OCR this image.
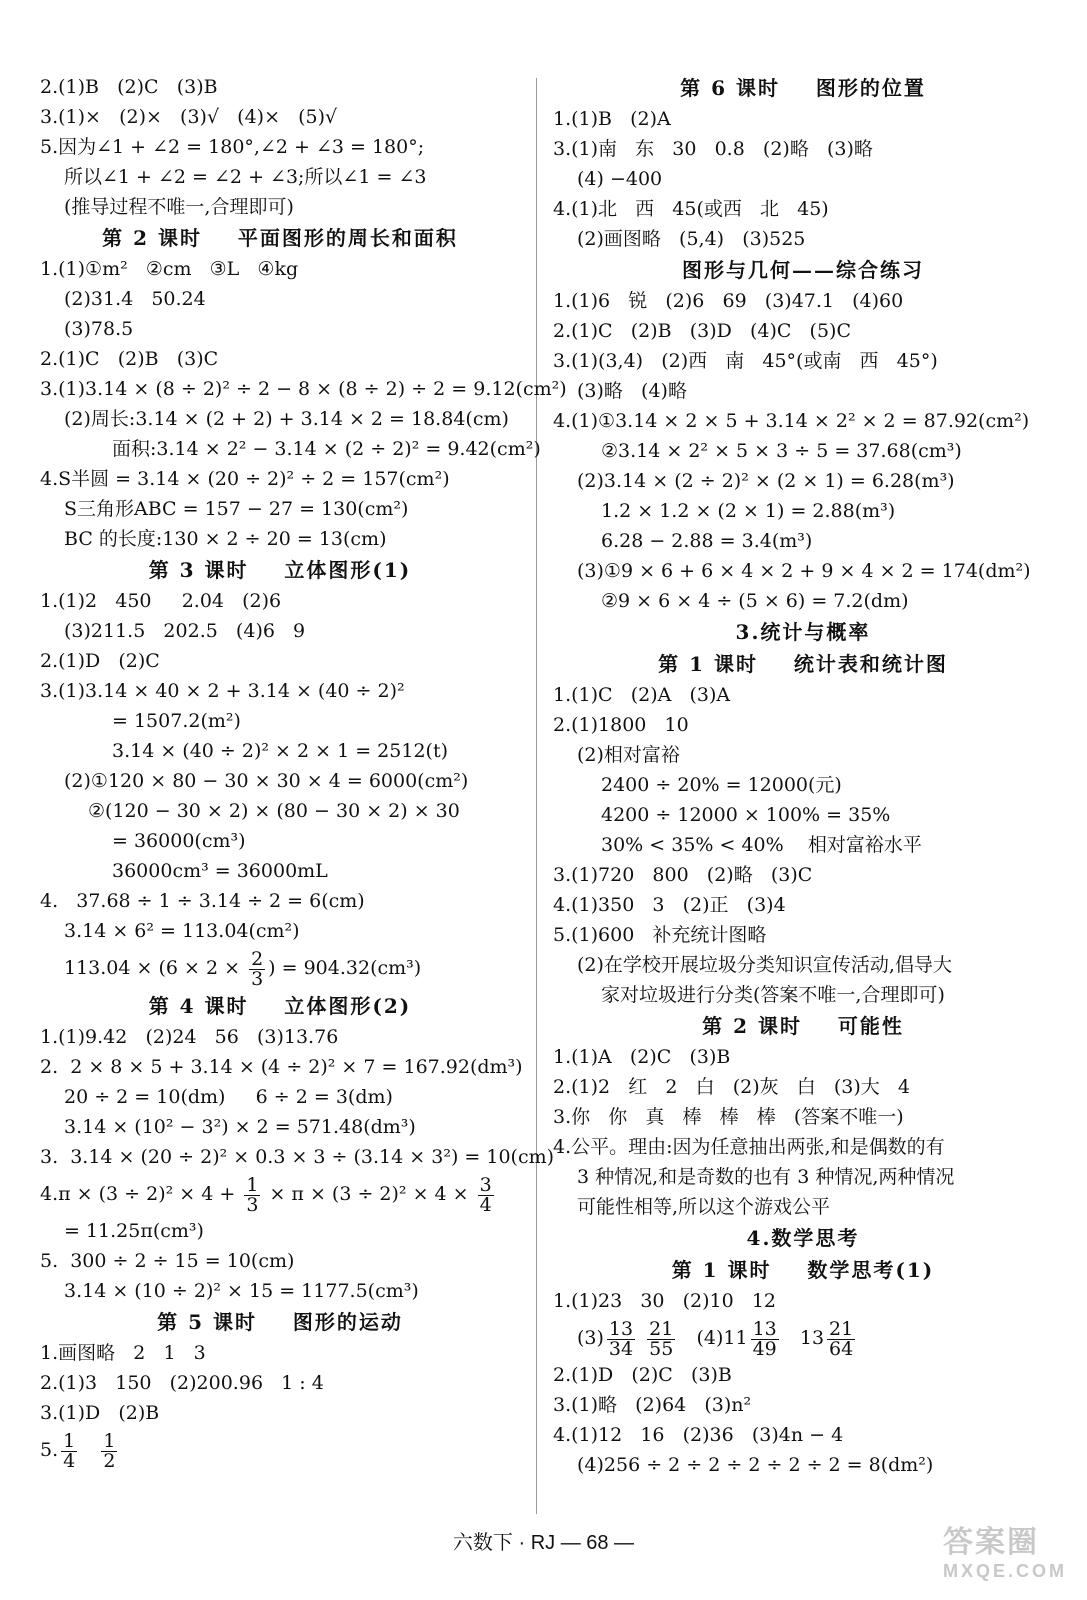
2.(1)B   (2)C   (3)B
3.(1)×   (2)×   (3)√   (4)×   (5)√
5.因为∠1 + ∠2 = 180°,∠2 + ∠3 = 180°;
所以∠1 + ∠2 = ∠2 + ∠3;所以∠1 = ∠3
(推导过程不唯一,合理即可)
第 2 课时    平面图形的周长和面积
1.(1)①m²   ②cm   ③L   ④kg
(2)31.4   50.24
(3)78.5
2.(1)C   (2)B   (3)C
3.(1)3.14 × (8 ÷ 2)² ÷ 2 − 8 × (8 ÷ 2) ÷ 2 = 9.12(cm²)
(2)周长:3.14 × (2 + 2) + 3.14 × 2 = 18.84(cm)
面积:3.14 × 2² − 3.14 × (2 ÷ 2)² = 9.42(cm²)
4.S半圆 = 3.14 × (20 ÷ 2)² ÷ 2 = 157(cm²)
S三角形ABC = 157 − 27 = 130(cm²)
BC 的长度:130 × 2 ÷ 20 = 13(cm)
第 3 课时    立体图形(1)
1.(1)2   450     2.04   (2)6
(3)211.5   202.5   (4)6   9
2.(1)D   (2)C
3.(1)3.14 × 40 × 2 + 3.14 × (40 ÷ 2)²
= 1507.2(m²)
3.14 × (40 ÷ 2)² × 2 × 1 = 2512(t)
(2)①120 × 80 − 30 × 30 × 4 = 6000(cm²)
②(120 − 30 × 2) × (80 − 30 × 2) × 30
= 36000(cm³)
36000cm³ = 36000mL
4.   37.68 ÷ 1 ÷ 3.14 ÷ 2 = 6(cm)
3.14 × 6² = 113.04(cm²)
$113.04 \times (6 \times 2 \times \frac{2}{3}$ ) = 904.32(cm³)
第 4 课时    立体图形(2)
1.(1)9.42   (2)24   56   (3)13.76
2.  2 × 8 × 5 + 3.14 × (4 ÷ 2)² × 7 = 167.92(dm³)
20 ÷ 2 = 10(dm)     6 ÷ 2 = 3(dm)
3.14 × (10² − 3²) × 2 = 571.48(dm³)
3.  3.14 × (20 ÷ 2)² × 0.3 × 3 ÷ (3.14 × 3²) = 10(cm)
$4.\pi \times (3 \div 2)^2 \times 4 + \frac{1}{3} \times \pi \times (3 \div 2)^2 \times 4 \times \frac{3}{4}$
= 11.25π(cm³)
5.  300 ÷ 2 ÷ 15 = 10(cm)
3.14 × (10 ÷ 2)² × 15 = 1177.5(cm³)
第 5 课时    图形的运动
1.画图略   2   1   3
2.(1)3   150   (2)200.96   1 : 4
3.(1)D   (2)B
5. $\frac{1}{4}$
$\frac{1}{2}$
第 6 课时    图形的位置
1.(1)B   (2)A
3.(1)南   东   30   0.8   (2)略   (3)略
(4) −400
4.(1)北   西   45(或西   北   45)
(2)画图略   (5,4)   (3)525
图形与几何——综合练习
1.(1)6   锐   (2)6   69   (3)47.1   (4)60
2.(1)C   (2)B   (3)D   (4)C   (5)C
3.(1)(3,4)   (2)西   南   45°(或南   西   45°)
(3)略   (4)略
4.(1)①3.14 × 2 × 5 + 3.14 × 2² × 2 = 87.92(cm²)
②3.14 × 2² × 5 × 3 ÷ 5 = 37.68(cm³)
(2)3.14 × (2 ÷ 2)² × (2 × 1) = 6.28(m³)
1.2 × 1.2 × (2 × 1) = 2.88(m³)
6.28 − 2.88 = 3.4(m³)
(3)①9 × 6 + 6 × 4 × 2 + 9 × 4 × 2 = 174(dm²)
②9 × 6 × 4 ÷ (5 × 6) = 7.2(dm)
3.统计与概率
第 1 课时    统计表和统计图
1.(1)C   (2)A   (3)A
2.(1)1800   10
(2)相对富裕
2400 ÷ 20% = 12000(元)
4200 ÷ 12000 × 100% = 35%
30% < 35% < 40%    相对富裕水平
3.(1)720   800   (2)略   (3)C
4.(1)350   3   (2)正   (3)4
5.(1)600   补充统计图略
(2)在学校开展垃圾分类知识宣传活动,倡导大
家对垃圾进行分类(答案不唯一,合理即可)
第 2 课时    可能性
1.(1)A   (2)C   (3)B
2.(1)2   红   2   白   (2)灰   白   (3)大   4
3.你   你   真   棒   棒   棒   (答案不唯一)
4.公平。理由:因为任意抽出两张,和是偶数的有
3 种情况,和是奇数的也有 3 种情况,两种情况
可能性相等,所以这个游戏公平
4.数学思考
第 1 课时    数学思考(1)
1.(1)23   30   (2)10   12
$(3) \frac{13}{34}$
$\frac{21}{55} (4)11 \frac{13}{49} 13 \frac{21}{64}$
2.(1)D   (2)C   (3)B
3.(1)略   (2)64   (3)n²
4.(1)12   16   (2)36   (3)4n − 4
(4)256 ÷ 2 ÷ 2 ÷ 2 ÷ 2 ÷ 2 = 8(dm²)
六数下 · RJ — 68 —	答案圈
MXQE.COM
